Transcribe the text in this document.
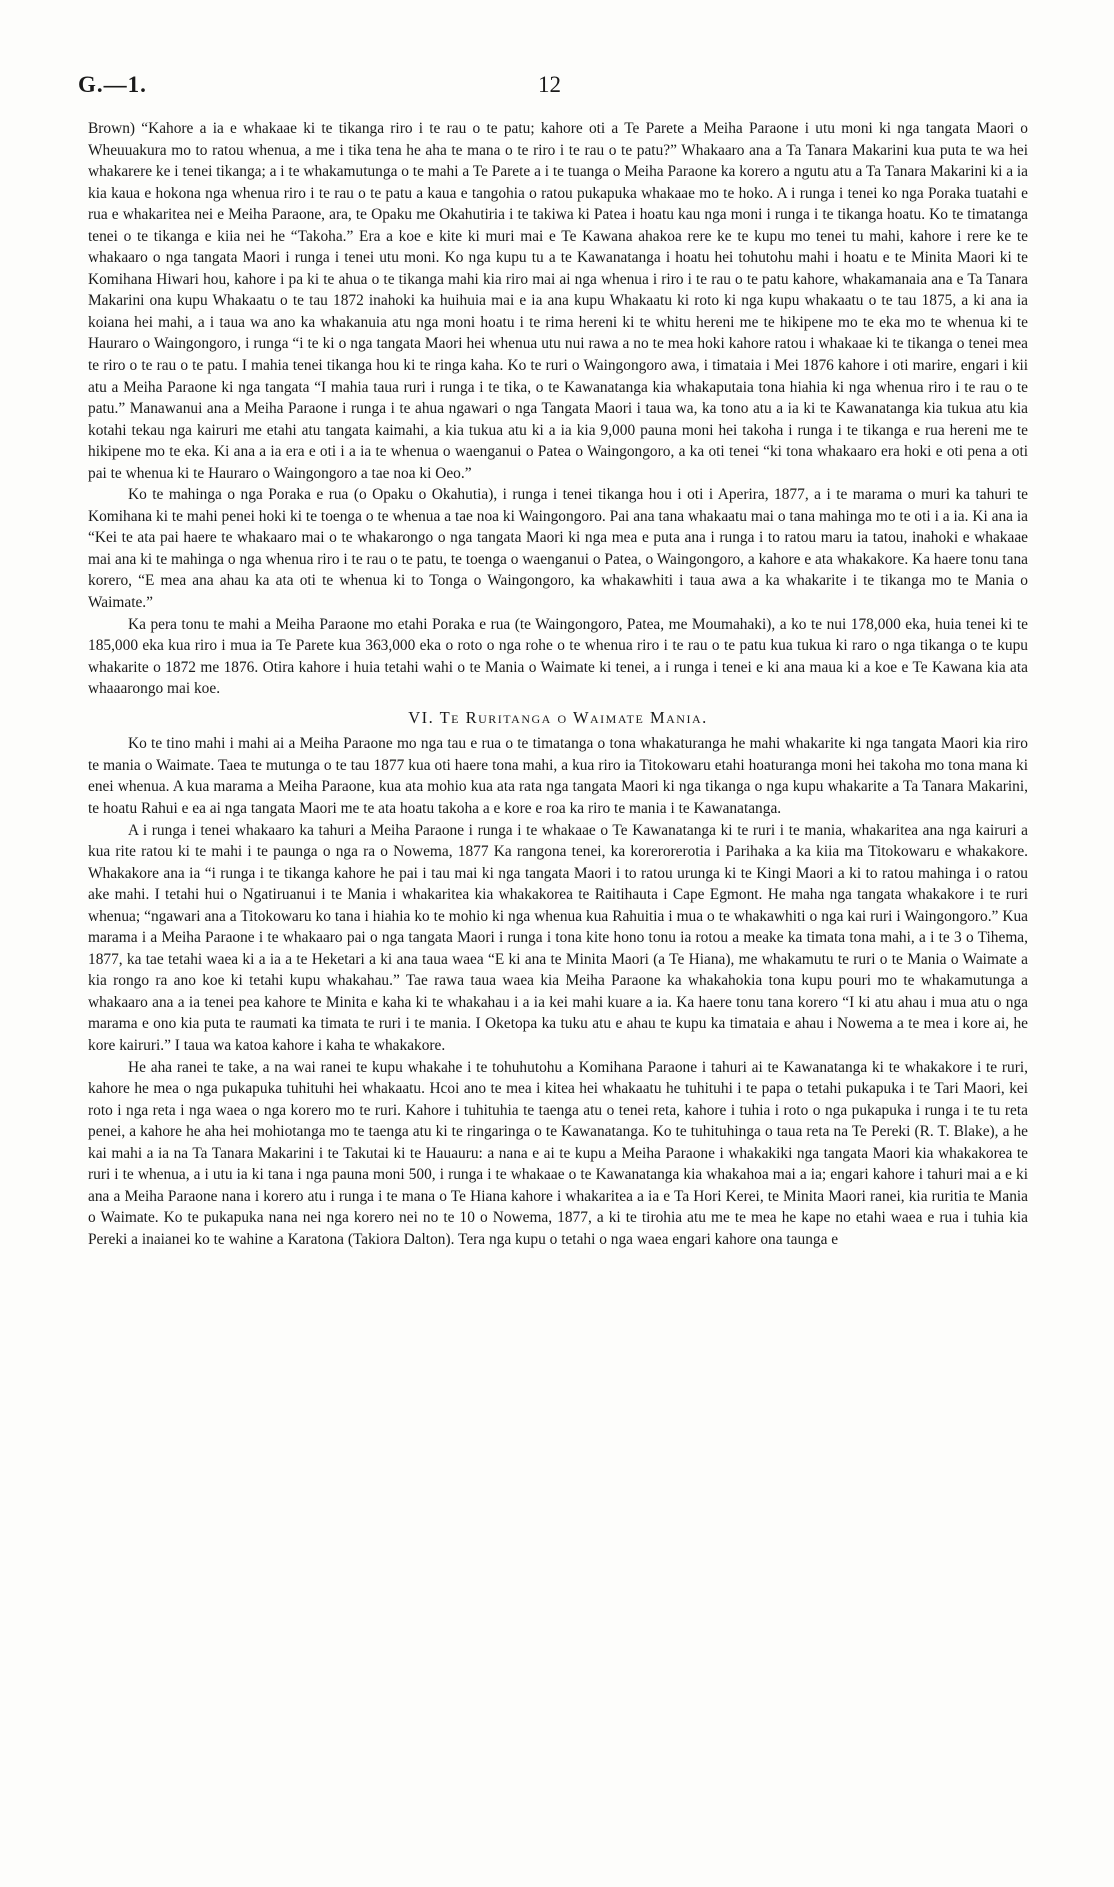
G.—1.	12

Brown) “Kahore a ia e whakaae ki te tikanga riro i te rau o te patu; kahore oti a Te Parete a Meiha Paraone i utu moni ki nga tangata Maori o Wheuuakura mo to ratou whenua, a me i tika tena he aha te mana o te riro i te rau o te patu?” Whakaaro ana a Ta Tanara Makarini kua puta te wa hei whakarere ke i tenei tikanga; a i te whakamutunga o te mahi a Te Parete a i te tuanga o Meiha Paraone ka korero a ngutu atu a Ta Tanara Makarini ki a ia kia kaua e hokona nga whenua riro i te rau o te patu a kaua e tangohia o ratou pukapuka whakaae mo te hoko. A i runga i tenei ko nga Poraka tuatahi e rua e whakaritea nei e Meiha Paraone, ara, te Opaku me Okahutiria i te takiwa ki Patea i hoatu kau nga moni i runga i te tikanga hoatu. Ko te timatanga tenei o te tikanga e kiia nei he “Takoha.” Era a koe e kite ki muri mai e Te Kawana ahakoa rere ke te kupu mo tenei tu mahi, kahore i rere ke te whakaaro o nga tangata Maori i runga i tenei utu moni. Ko nga kupu tu a te Kawanatanga i hoatu hei tohutohu mahi i hoatu e te Minita Maori ki te Komihana Hiwari hou, kahore i pa ki te ahua o te tikanga mahi kia riro mai ai nga whenua i riro i te rau o te patu kahore, whakamanaia ana e Ta Tanara Makarini ona kupu Whakaatu o te tau 1872 inahoki ka huihuia mai e ia ana kupu Whakaatu ki roto ki nga kupu whakaatu o te tau 1875, a ki ana ia koiana hei mahi, a i taua wa ano ka whakanuia atu nga moni hoatu i te rima hereni ki te whitu hereni me te hikipene mo te eka mo te whenua ki te Hauraro o Waingongoro, i runga “i te ki o nga tangata Maori hei whenua utu nui rawa a no te mea hoki kahore ratou i whakaae ki te tikanga o tenei mea te riro o te rau o te patu. I mahia tenei tikanga hou ki te ringa kaha. Ko te ruri o Waingongoro awa, i timataia i Mei 1876 kahore i oti marire, engari i kii atu a Meiha Paraone ki nga tangata “I mahia taua ruri i runga i te tika, o te Kawanatanga kia whakaputaia tona hiahia ki nga whenua riro i te rau o te patu.” Manawanui ana a Meiha Paraone i runga i te ahua ngawari o nga Tangata Maori i taua wa, ka tono atu a ia ki te Kawanatanga kia tukua atu kia kotahi tekau nga kairuri me etahi atu tangata kaimahi, a kia tukua atu ki a ia kia 9,000 pauna moni hei takoha i runga i te tikanga e rua hereni me te hikipene mo te eka. Ki ana a ia era e oti i a ia te whenua o waenganui o Patea o Waingongoro, a ka oti tenei “ki tona whakaaro era hoki e oti pena a oti pai te whenua ki te Hauraro o Waingongoro a tae noa ki Oeo.”

Ko te mahinga o nga Poraka e rua (o Opaku o Okahutia), i runga i tenei tikanga hou i oti i Aperira, 1877, a i te marama o muri ka tahuri te Komihana ki te mahi penei hoki ki te toenga o te whenua a tae noa ki Waingongoro. Pai ana tana whakaatu mai o tana mahinga mo te oti i a ia. Ki ana ia “Kei te ata pai haere te whakaaro mai o te whakarongo o nga tangata Maori ki nga mea e puta ana i runga i to ratou maru ia tatou, inahoki e whakaae mai ana ki te mahinga o nga whenua riro i te rau o te patu, te toenga o waenganui o Patea, o Waingongoro, a kahore e ata whakakore. Ka haere tonu tana korero, “E mea ana ahau ka ata oti te whenua ki to Tonga o Waingongoro, ka whakawhiti i taua awa a ka whakarite i te tikanga mo te Mania o Waimate.”

Ka pera tonu te mahi a Meiha Paraone mo etahi Poraka e rua (te Waingongoro, Patea, me Moumahaki), a ko te nui 178,000 eka, huia tenei ki te 185,000 eka kua riro i mua ia Te Parete kua 363,000 eka o roto o nga rohe o te whenua riro i te rau o te patu kua tukua ki raro o nga tikanga o te kupu whakarite o 1872 me 1876. Otira kahore i huia tetahi wahi o te Mania o Waimate ki tenei, a i runga i tenei e ki ana maua ki a koe e Te Kawana kia ata whaaarongo mai koe.

VI. Te Ruritanga o Waimate Mania.

Ko te tino mahi i mahi ai a Meiha Paraone mo nga tau e rua o te timatanga o tona whakaturanga he mahi whakarite ki nga tangata Maori kia riro te mania o Waimate. Taea te mutunga o te tau 1877 kua oti haere tona mahi, a kua riro ia Titokowaru etahi hoaturanga moni hei takoha mo tona mana ki enei whenua. A kua marama a Meiha Paraone, kua ata mohio kua ata rata nga tangata Maori ki nga tikanga o nga kupu whakarite a Ta Tanara Makarini, te hoatu Rahui e ea ai nga tangata Maori me te ata hoatu takoha a e kore e roa ka riro te mania i te Kawanatanga.

A i runga i tenei whakaaro ka tahuri a Meiha Paraone i runga i te whakaae o Te Kawanatanga ki te ruri i te mania, whakaritea ana nga kairuri a kua rite ratou ki te mahi i te paunga o nga ra o Nowema, 1877 Ka rangona tenei, ka korerorerotia i Parihaka a ka kiia ma Titokowaru e whakakore. Whakakore ana ia “i runga i te tikanga kahore he pai i tau mai ki nga tangata Maori i to ratou urunga ki te Kingi Maori a ki to ratou mahinga i o ratou ake mahi. I tetahi hui o Ngatiruanui i te Mania i whakaritea kia whakakorea te Raitihauta i Cape Egmont. He maha nga tangata whakakore i te ruri whenua; “ngawari ana a Titokowaru ko tana i hiahia ko te mohio ki nga whenua kua Rahuitia i mua o te whakawhiti o nga kai ruri i Waingongoro.” Kua marama i a Meiha Paraone i te whakaaro pai o nga tangata Maori i runga i tona kite hono tonu ia rotou a meake ka timata tona mahi, a i te 3 o Tihema, 1877, ka tae tetahi waea ki a ia a te Heketari a ki ana taua waea “E ki ana te Minita Maori (a Te Hiana), me whakamutu te ruri o te Mania o Waimate a kia rongo ra ano koe ki tetahi kupu whakahau.” Tae rawa taua waea kia Meiha Paraone ka whakahokia tona kupu pouri mo te whakamutunga a whakaaro ana a ia tenei pea kahore te Minita e kaha ki te whakahau i a ia kei mahi kuare a ia. Ka haere tonu tana korero “I ki atu ahau i mua atu o nga marama e ono kia puta te raumati ka timata te ruri i te mania. I Oketopa ka tuku atu e ahau te kupu ka timataia e ahau i Nowema a te mea i kore ai, he kore kairuri.” I taua wa katoa kahore i kaha te whakakore.

He aha ranei te take, a na wai ranei te kupu whakahe i te tohuhutohu a Komihana Paraone i tahuri ai te Kawanatanga ki te whakakore i te ruri, kahore he mea o nga pukapuka tuhituhi hei whakaatu. Hcoi ano te mea i kitea hei whakaatu he tuhituhi i te papa o tetahi pukapuka i te Tari Maori, kei roto i nga reta i nga waea o nga korero mo te ruri. Kahore i tuhituhia te taenga atu o tenei reta, kahore i tuhia i roto o nga pukapuka i runga i te tu reta penei, a kahore he aha hei mohiotanga mo te taenga atu ki te ringaringa o te Kawanatanga. Ko te tuhituhinga o taua reta na Te Pereki (R. T. Blake), a he kai mahi a ia na Ta Tanara Makarini i te Takutai ki te Hauauru: a nana e ai te kupu a Meiha Paraone i whakakiki nga tangata Maori kia whakakorea te ruri i te whenua, a i utu ia ki tana i nga pauna moni 500, i runga i te whakaae o te Kawanatanga kia whakahoa mai a ia; engari kahore i tahuri mai a e ki ana a Meiha Paraone nana i korero atu i runga i te mana o Te Hiana kahore i whakaritea a ia e Ta Hori Kerei, te Minita Maori ranei, kia ruritia te Mania o Waimate. Ko te pukapuka nana nei nga korero nei no te 10 o Nowema, 1877, a ki te tirohia atu me te mea he kape no etahi waea e rua i tuhia kia Pereki a inaianei ko te wahine a Karatona (Takiora Dalton). Tera nga kupu o tetahi o nga waea engari kahore ona taunga e
